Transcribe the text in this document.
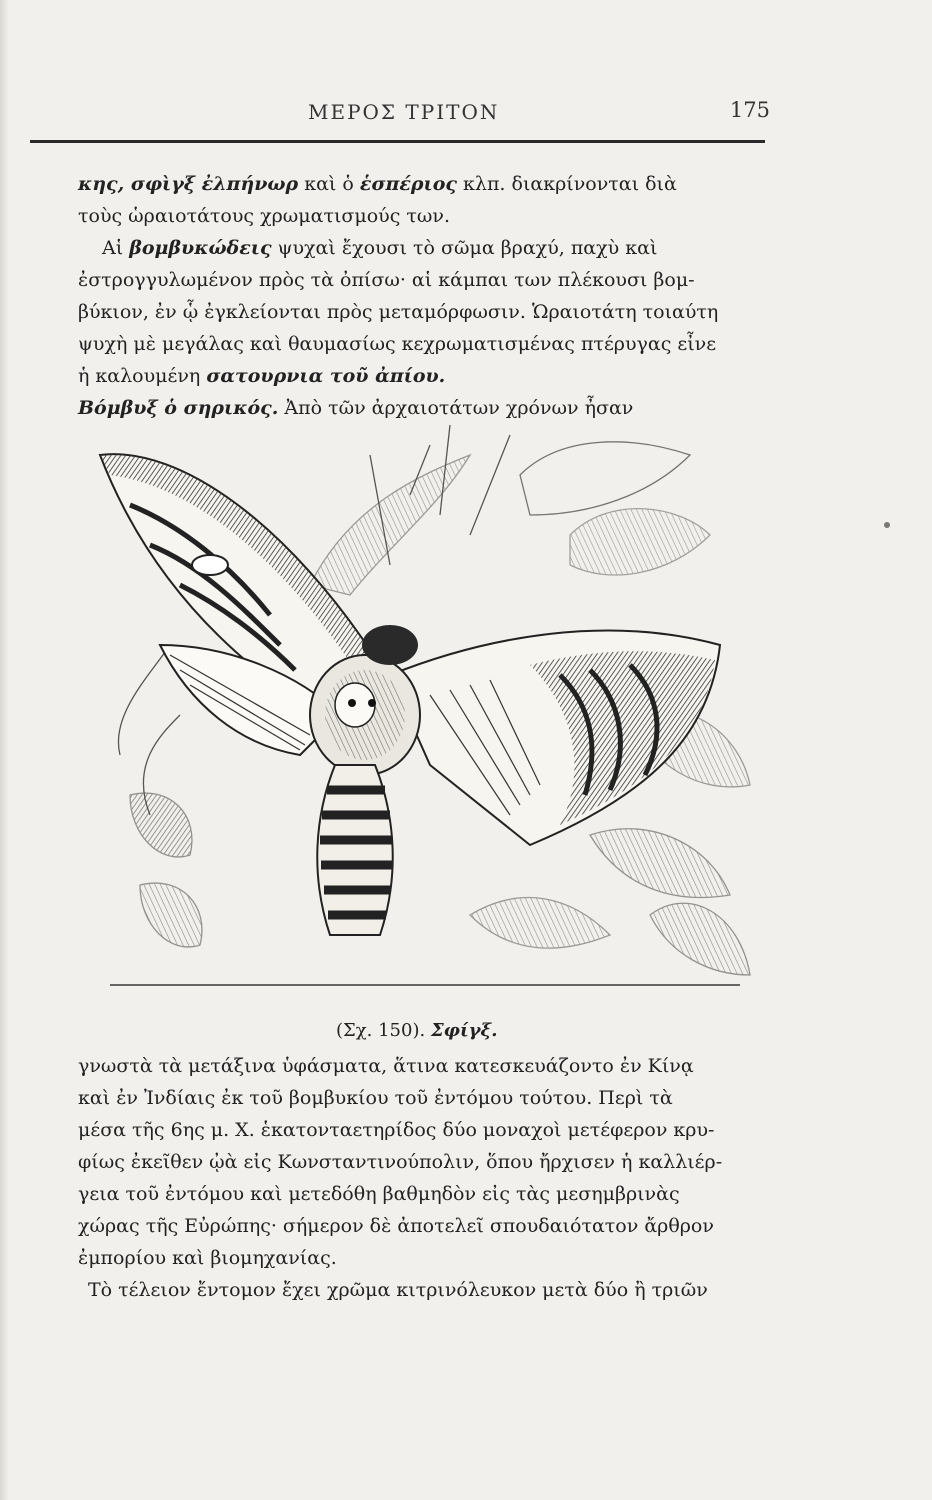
ΜΕΡΟΣ ΤΡΙΤΟΝ	175
κης, σφὶγξ ἐλπήνωρ καὶ ὁ ἑσπέριος κλπ. διακρίνονται διὰ
τοὺς ὡραιοτάτους χρωματισμούς των.
Αἱ βομβυκώδεις ψυχαὶ ἔχουσι τὸ σῶμα βραχύ, παχὺ καὶ
ἐστρογγυλωμένον πρὸς τὰ ὀπίσω· αἱ κάμπαι των πλέκουσι βομ-
βύκιον, ἐν ᾧ ἐγκλείονται πρὸς μεταμόρφωσιν. Ὡραιοτάτη τοιαύτη
ψυχὴ μὲ μεγάλας καὶ θαυμασίως κεχρωματισμένας πτέρυγας εἶνε
ἡ καλουμένη σατουρνια τοῦ ἀπίου.
Βόμβυξ ὁ σηρικός. Ἀπὸ τῶν ἀρχαιοτάτων χρόνων ἦσαν
(Σχ. 150). Σφίγξ.
γνωστὰ τὰ μετάξινα ὑφάσματα, ἅτινα κατεσκευάζοντο ἐν Κίνᾳ
καὶ ἐν Ἰνδίαις ἐκ τοῦ βομβυκίου τοῦ ἐντόμου τούτου. Περὶ τὰ
μέσα τῆς 6ης μ. Χ. ἑκατονταετηρίδος δύο μοναχοὶ μετέφερον κρυ-
φίως ἐκεῖθεν ᾠὰ εἰς Κωνσταντινούπολιν, ὅπου ἤρχισεν ἡ καλλιέρ-
γεια τοῦ ἐντόμου καὶ μετεδόθη βαθμηδὸν εἰς τὰς μεσημβρινὰς
χώρας τῆς Εὐρώπης· σήμερον δὲ ἀποτελεῖ σπουδαιότατον ἄρθρον
ἐμπορίου καὶ βιομηχανίας.
Τὸ τέλειον ἔντομον ἔχει χρῶμα κιτρινόλευκον μετὰ δύο ἢ τριῶν
